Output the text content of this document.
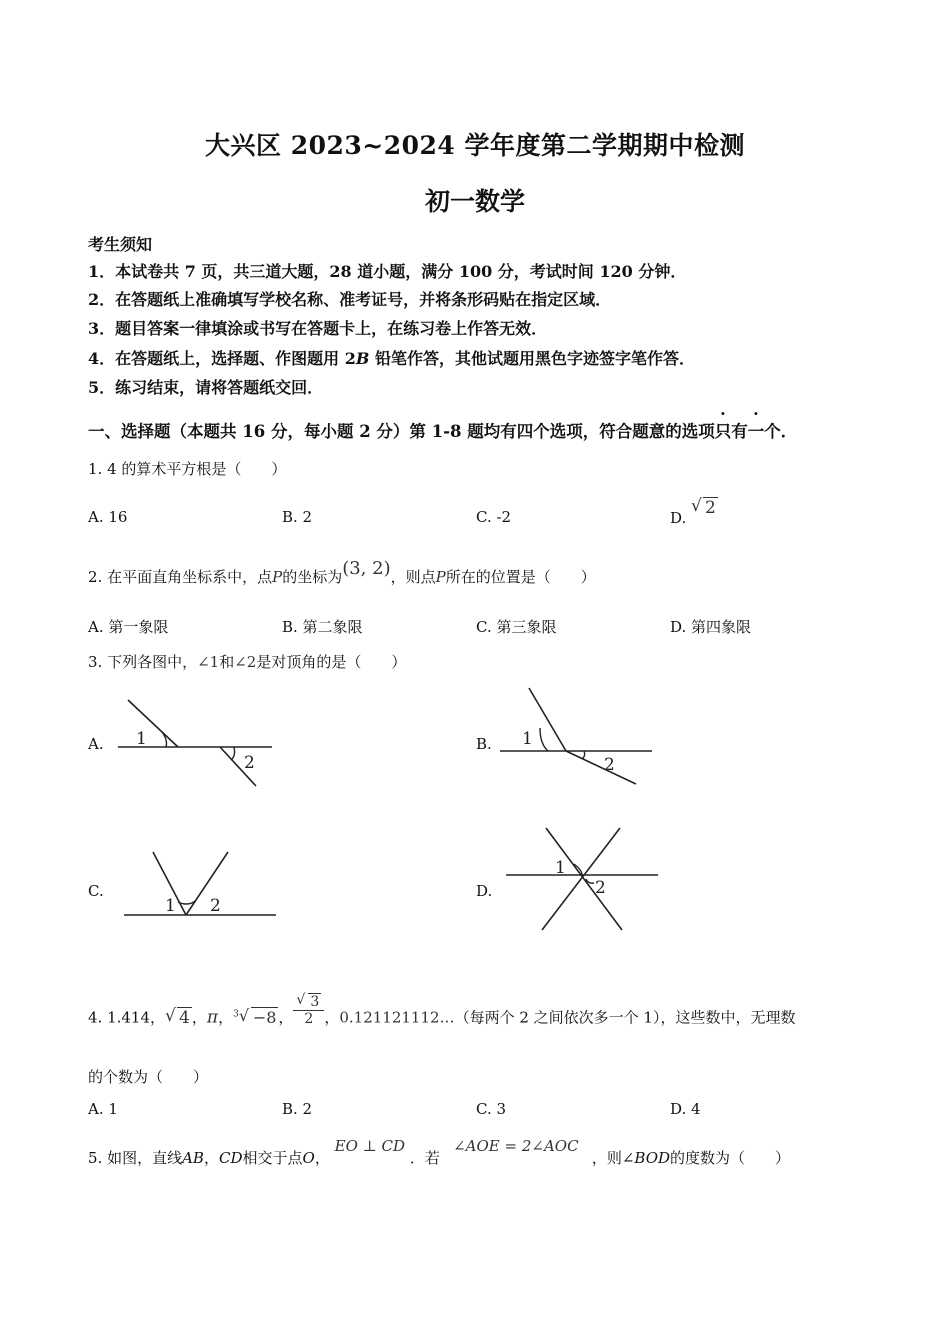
大兴区 2023~2024 学年度第二学期期中检测
初一数学
考生须知
1．本试卷共 7 页，共三道大题，28 道小题，满分 100 分，考试时间 120 分钟．
2．在答题纸上准确填写学校名称、准考证号，并将条形码贴在指定区域．
3．题目答案一律填涂或书写在答题卡上，在练习卷上作答无效．
4．在答题纸上，选择题、作图题用 2B 铅笔作答，其他试题用黑色字迹签字笔作答．
5．练习结束，请将答题纸交回．
一、选择题（本题共 16 分，每小题 2 分）第 1-8 题均有四个选项，符合题意的选项只有一个．
1. 4 的算术平方根是（　　）
A. 16	B. 2	C. -2	D. √ 2
2. 在平面直角坐标系中，点P的坐标为(3, 2)，则点P所在的位置是（　　）
A. 第一象限	B. 第二象限	C. 第三象限	D. 第四象限
3. 下列各图中，∠1和∠2是对顶角的是（　　）
A. 1
2
B. 1
2
C.
1 2
D.
1
2
4. 1.414， √ 4 ，π，$^3$ √ −8 ， √ $\frac{3}{2}$ ，0.121121112…（每两个 2 之间依次多一个 1），这些数中，无理数
的个数为（　　）
A. 1	B. 2	C. 3	D. 4
5. 如图，直线AB，CD相交于点O，EO ⊥ CD．若∠AOE = 2∠AOC，则∠BOD的度数为（　　）
